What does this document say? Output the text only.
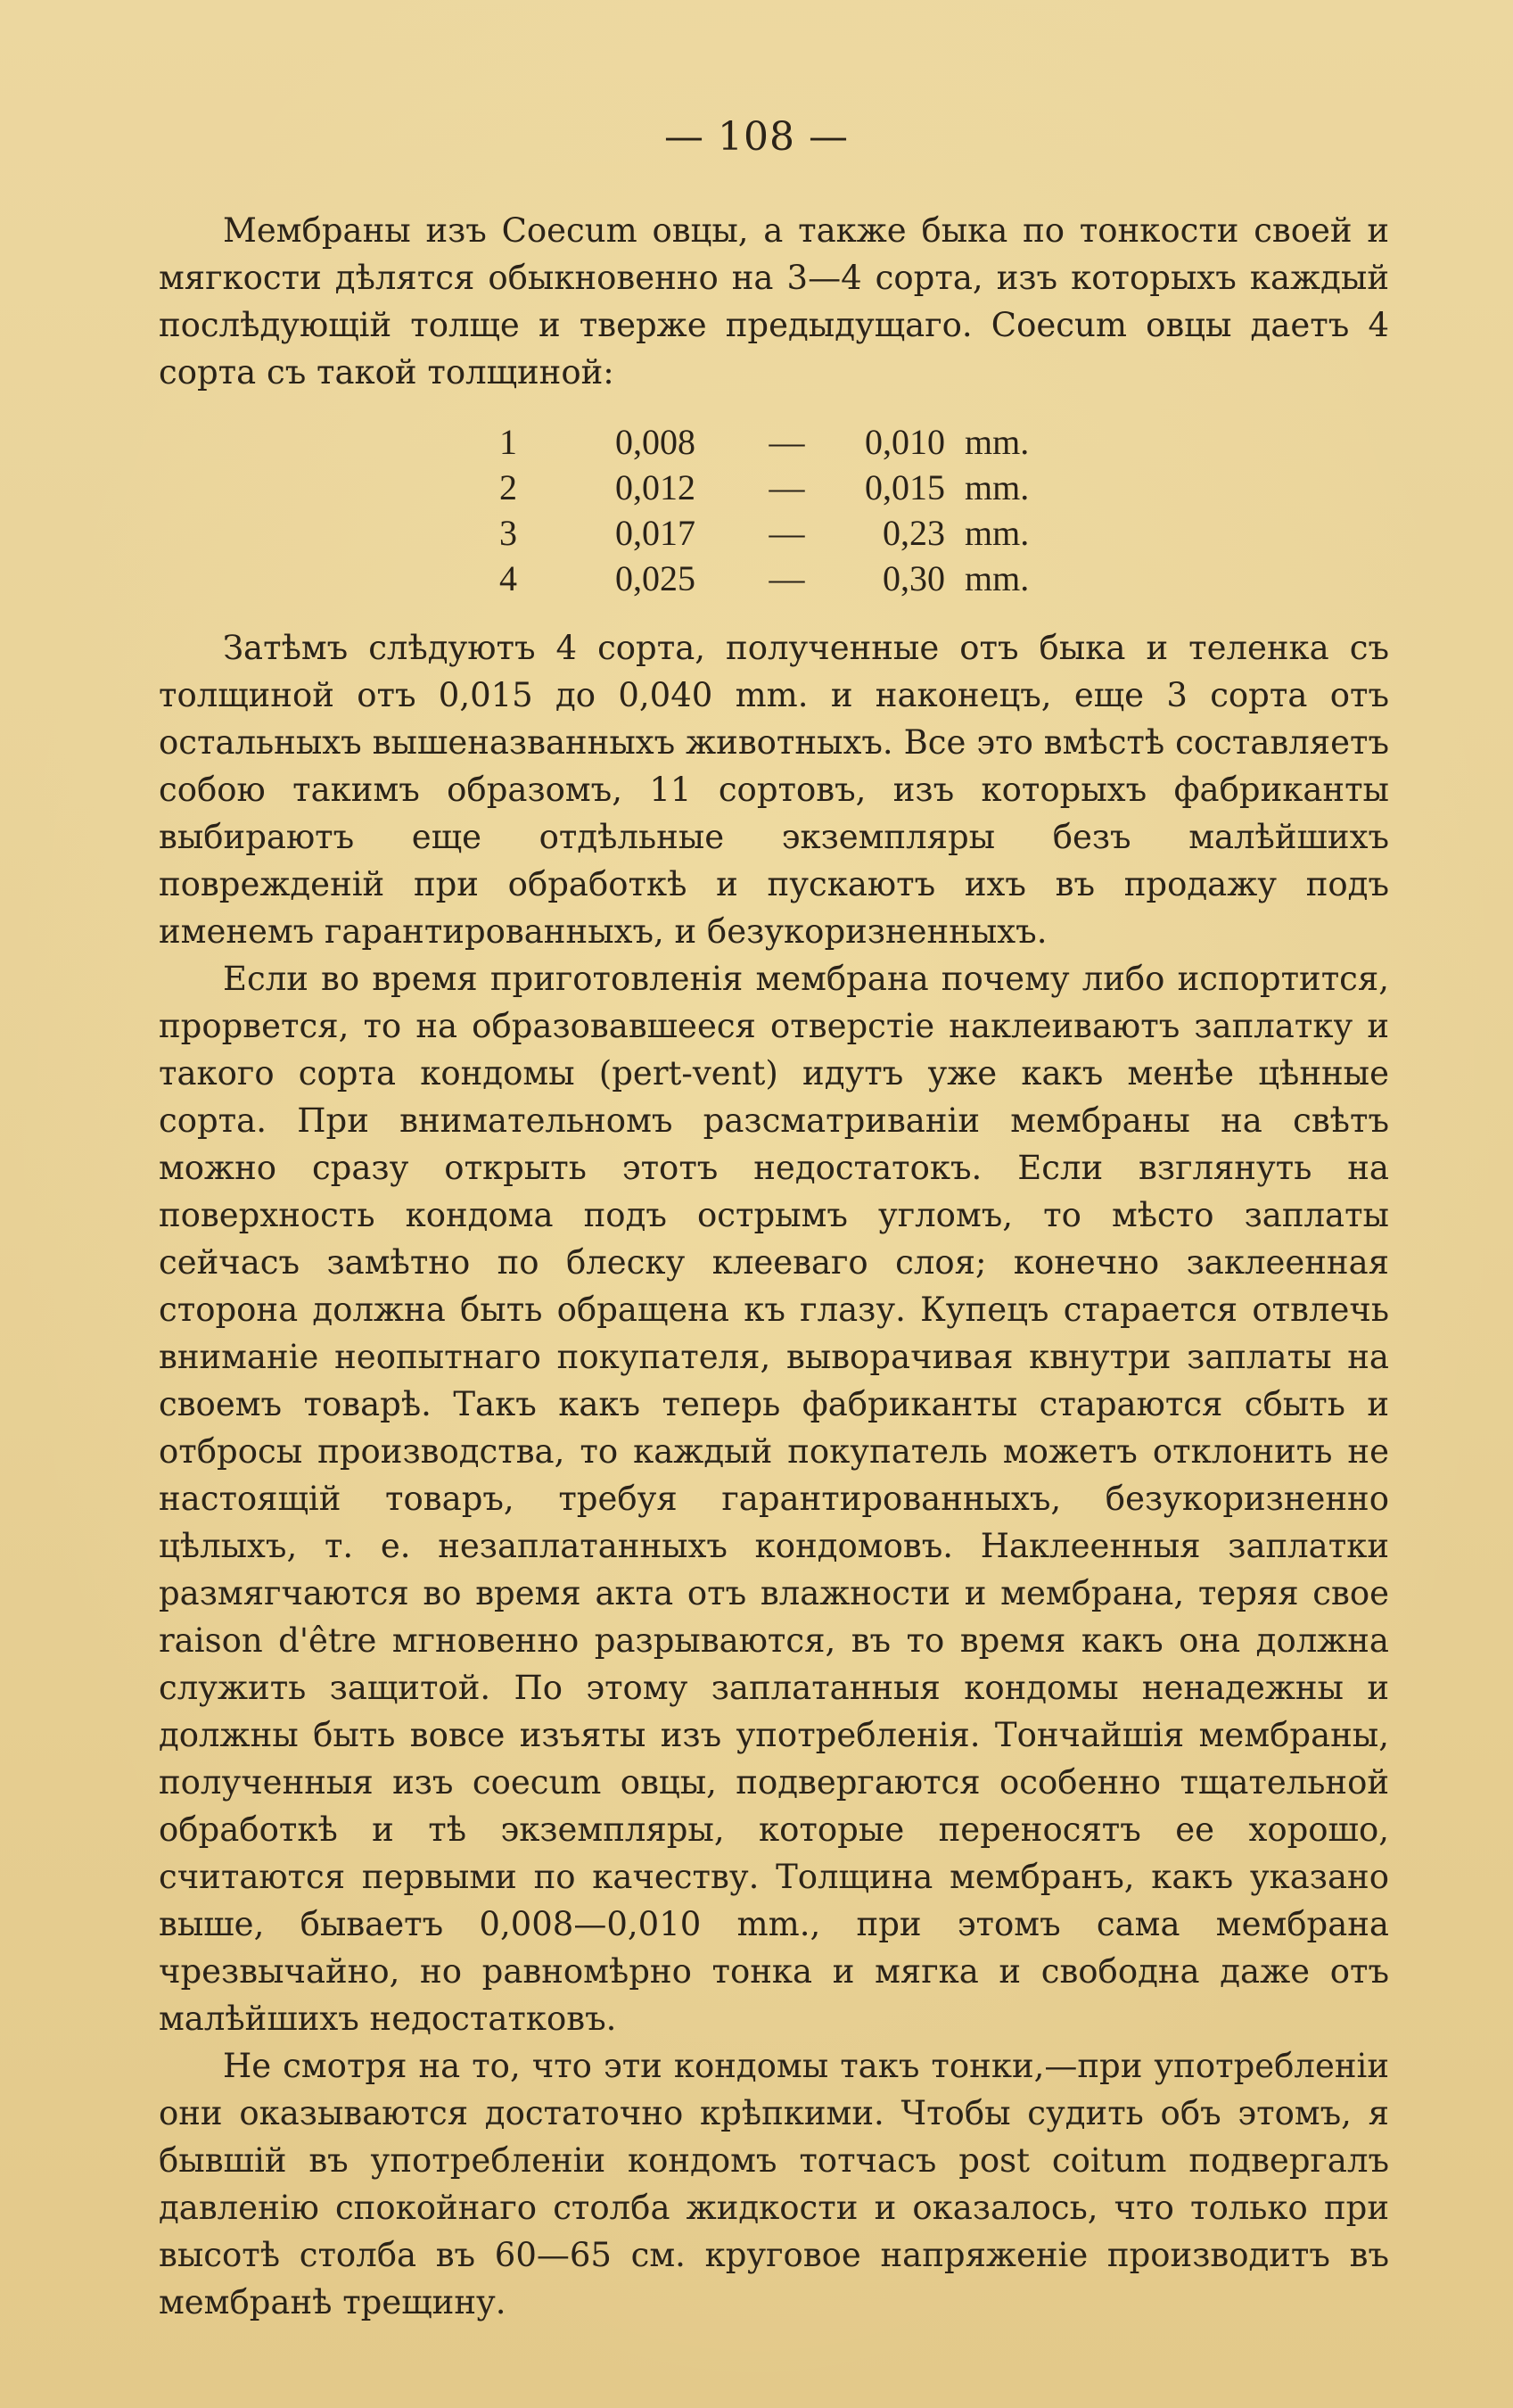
— 108 —

Мембраны изъ Coecum овцы, а также быка по тонкости своей и мягкости дѣлятся обыкновенно на 3—4 сорта, изъ которыхъ каждый послѣдующій толще и тверже предыдущаго. Coecum овцы даетъ 4 сорта съ такой толщиной:

1	0,008	—	0,010	mm.
2	0,012	—	0,015	mm.
3	0,017	—	0,23	mm.
4	0,025	—	0,30	mm.

Затѣмъ слѣдуютъ 4 сорта, полученные отъ быка и теленка съ толщиной отъ 0,015 до 0,040 mm. и наконецъ, еще 3 сорта отъ остальныхъ вышеназванныхъ животныхъ. Все это вмѣстѣ составляетъ собою такимъ образомъ, 11 сортовъ, изъ которыхъ фабриканты выбираютъ еще отдѣльные экземпляры безъ малѣйшихъ поврежденій при обработкѣ и пускаютъ ихъ въ продажу подъ именемъ гарантированныхъ, и безукоризненныхъ.

Если во время приготовленія мембрана почему либо испортится, прорвется, то на образовавшееся отверстіе наклеиваютъ заплатку и такого сорта кондомы (pert-vent) идутъ уже какъ менѣе цѣнные сорта. При внимательномъ разсматриваніи мембраны на свѣтъ можно сразу открыть этотъ недостатокъ. Если взглянуть на поверхность кондома подъ острымъ угломъ, то мѣсто заплаты сейчасъ замѣтно по блеску клееваго слоя; конечно заклеенная сторона должна быть обращена къ глазу. Купецъ старается отвлечь вниманіе неопытнаго покупателя, выворачивая квнутри заплаты на своемъ товарѣ. Такъ какъ теперь фабриканты стараются сбыть и отбросы производства, то каждый покупатель можетъ отклонить не настоящій товаръ, требуя гарантированныхъ, безукоризненно цѣлыхъ, т. е. незаплатанныхъ кондомовъ. Наклеенныя заплатки размягчаются во время акта отъ влажности и мембрана, теряя свое raison d'être мгновенно разрываются, въ то время какъ она должна служить защитой. По этому заплатанныя кондомы ненадежны и должны быть вовсе изъяты изъ употребленія. Тончайшія мембраны, полученныя изъ coecum овцы, подвергаются особенно тщательной обработкѣ и тѣ экземпляры, которые переносятъ ее хорошо, считаются первыми по качеству. Толщина мембранъ, какъ указано выше, бываетъ 0,008—0,010 mm., при этомъ сама мембрана чрезвычайно, но равномѣрно тонка и мягка и свободна даже отъ малѣйшихъ недостатковъ.

Не смотря на то, что эти кондомы такъ тонки,—при употребленіи они оказываются достаточно крѣпкими. Чтобы судить объ этомъ, я бывшій въ употребленіи кондомъ тотчасъ post coitum подвергалъ давленію спокойнаго столба жидкости и оказалось, что только при высотѣ столба въ 60—65 см. круговое напряженіе производитъ въ мембранѣ трещину.
